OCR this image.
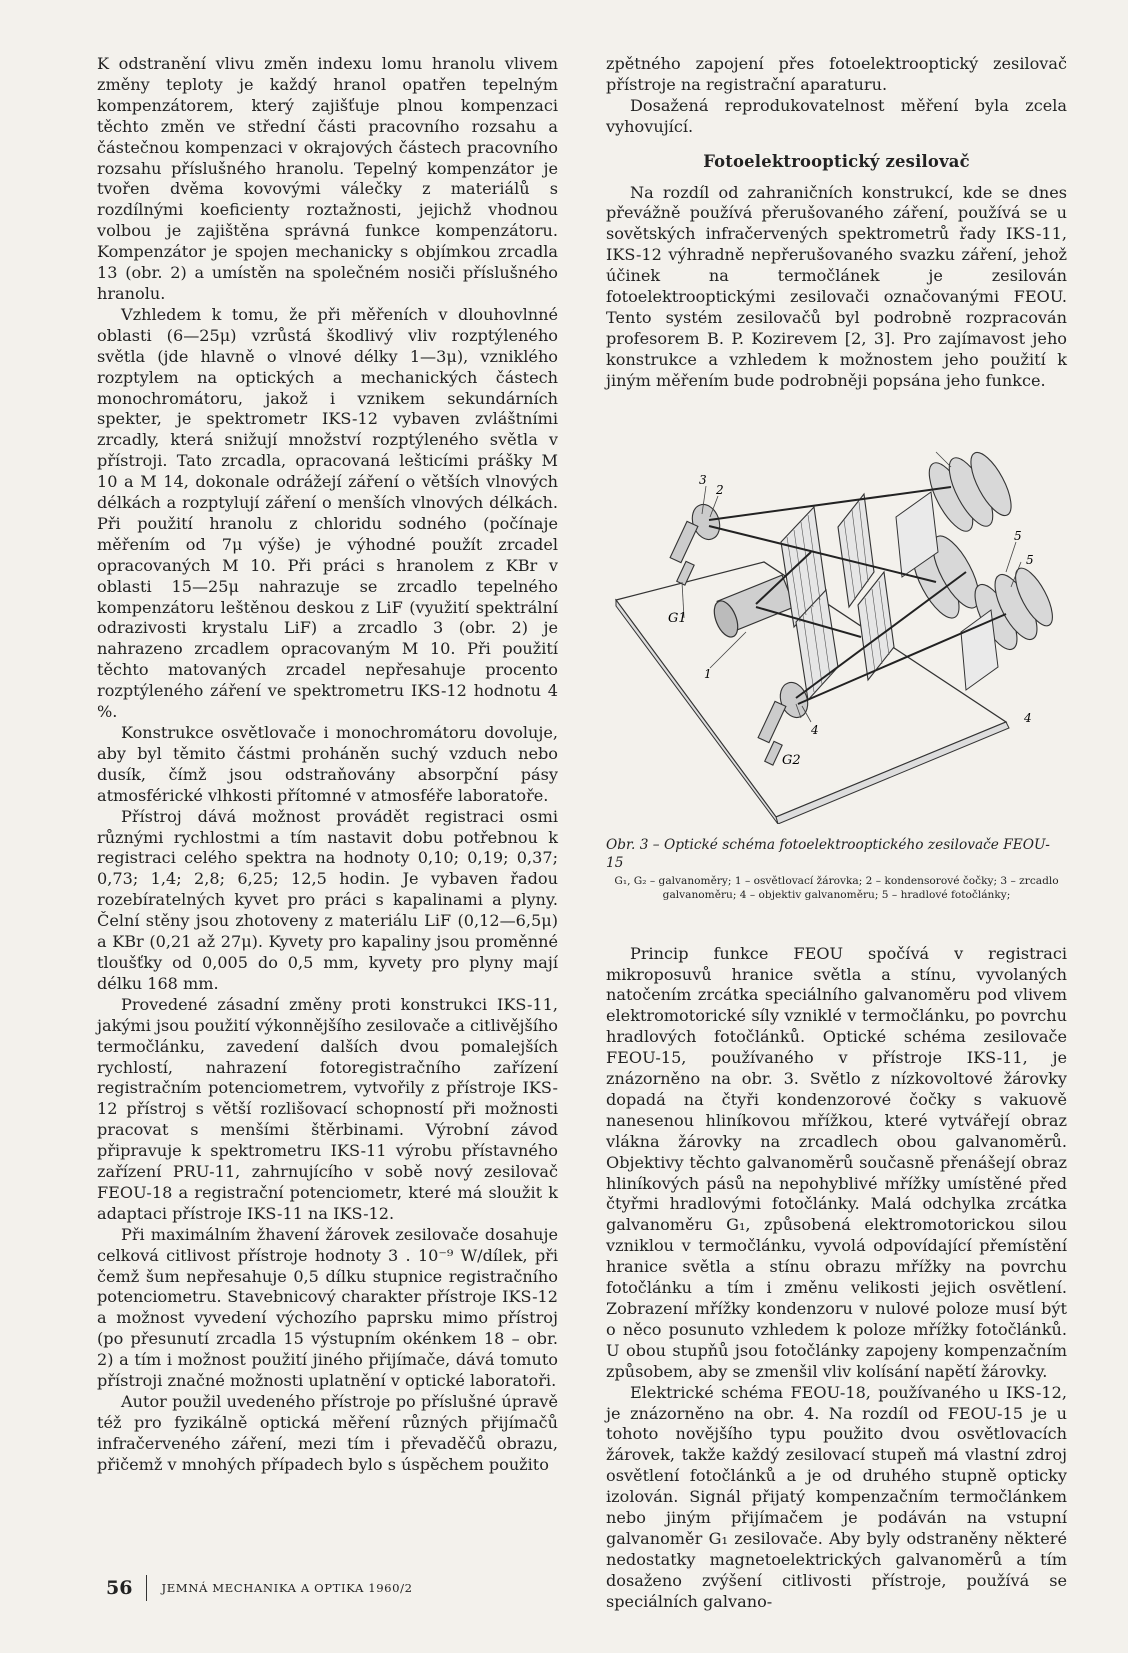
K odstranění vlivu změn indexu lomu hranolu vlivem změny teploty je každý hranol opatřen tepelným kompenzátorem, který zajišťuje plnou kompenzaci těchto změn ve střední části pracovního rozsahu a částečnou kompenzaci v okrajových částech pracovního rozsahu příslušného hranolu. Tepelný kompenzátor je tvořen dvěma kovovými válečky z materiálů s rozdílnými koeficienty roztažnosti, jejichž vhodnou volbou je zajištěna správná funkce kompenzátoru. Kompenzátor je spojen mechanicky s objímkou zrcadla 13 (obr. 2) a umístěn na společném nosiči příslušného hranolu.

Vzhledem k tomu, že při měřeních v dlouhovlnné oblasti (6—25μ) vzrůstá škodlivý vliv rozptýleného světla (jde hlavně o vlnové délky 1—3μ), vzniklého rozptylem na optických a mechanických částech monochromátoru, jakož i vznikem sekundárních spekter, je spektrometr IKS-12 vybaven zvláštními zrcadly, která snižují množství rozptýleného světla v přístroji. Tato zrcadla, opracovaná lešticími prášky M 10 a M 14, dokonale odrážejí záření o větších vlnových délkách a rozptylují záření o menších vlnových délkách. Při použití hranolu z chloridu sodného (počínaje měřením od 7μ výše) je výhodné použít zrcadel opracovaných M 10. Při práci s hranolem z KBr v oblasti 15—25μ nahrazuje se zrcadlo tepelného kompenzátoru leštěnou deskou z LiF (využití spektrální odrazivosti krystalu LiF) a zrcadlo 3 (obr. 2) je nahrazeno zrcadlem opracovaným M 10. Při použití těchto matovaných zrcadel nepřesahuje procento rozptýleného záření ve spektrometru IKS-12 hodnotu 4 %.

Konstrukce osvětlovače i monochromátoru dovoluje, aby byl těmito částmi proháněn suchý vzduch nebo dusík, čímž jsou odstraňovány absorpční pásy atmosférické vlhkosti přítomné v atmosféře laboratoře.

Přístroj dává možnost provádět registraci osmi různými rychlostmi a tím nastavit dobu potřebnou k registraci celého spektra na hodnoty 0,10; 0,19; 0,37; 0,73; 1,4; 2,8; 6,25; 12,5 hodin. Je vybaven řadou rozebíratelných kyvet pro práci s kapalinami a plyny. Čelní stěny jsou zhotoveny z materiálu LiF (0,12—6,5μ) a KBr (0,21 až 27μ). Kyvety pro kapaliny jsou proměnné tloušťky od 0,005 do 0,5 mm, kyvety pro plyny mají délku 168 mm.

Provedené zásadní změny proti konstrukci IKS-11, jakými jsou použití výkonnějšího zesilovače a citlivějšího termočlánku, zavedení dalších dvou pomalejších rychlostí, nahrazení fotoregistračního zařízení registračním potenciometrem, vytvořily z přístroje IKS-12 přístroj s větší rozlišovací schopností při možnosti pracovat s menšími štěrbinami. Výrobní závod připravuje k spektrometru IKS-11 výrobu přístavného zařízení PRU-11, zahrnujícího v sobě nový zesilovač FEOU-18 a registrační potenciometr, které má sloužit k adaptaci přístroje IKS-11 na IKS-12.

Při maximálním žhavení žárovek zesilovače dosahuje celková citlivost přístroje hodnoty 3 . 10⁻⁹ W/dílek, při čemž šum nepřesahuje 0,5 dílku stupnice registračního potenciometru. Stavebnicový charakter přístroje IKS-12 a možnost vyvedení výchozího paprsku mimo přístroj (po přesunutí zrcadla 15 výstupním okénkem 18 – obr. 2) a tím i možnost použití jiného přijímače, dává tomuto přístroji značné možnosti uplatnění v optické laboratoři.

Autor použil uvedeného přístroje po příslušné úpravě též pro fyzikálně optická měření různých přijímačů infračerveného záření, mezi tím i převaděčů obrazu, přičemž v mnohých případech bylo s úspěchem použito

zpětného zapojení přes fotoelektrooptický zesilovač přístroje na registrační aparaturu.

Dosažená reprodukovatelnost měření byla zcela vyhovující.

Fotoelektrooptický zesilovač

Na rozdíl od zahraničních konstrukcí, kde se dnes převážně používá přerušovaného záření, používá se u sovětských infračervených spektrometrů řady IKS-11, IKS-12 výhradně nepřerušovaného svazku záření, jehož účinek na termočlánek je zesilován fotoelektrooptickými zesilovači označovanými FEOU. Tento systém zesilovačů byl podrobně rozpracován profesorem B. P. Kozirevem [2, 3]. Pro zajímavost jeho konstrukce a vzhledem k možnostem jeho použití k jiným měřením bude podrobněji popsána jeho funkce.

3
2
G1
1
4
G2
5
4
5
Obr. 3 – Optické schéma fotoelektrooptického zesilovače FEOU-15
G₁, G₂ – galvanoměry; 1 – osvětlovací žárovka; 2 – kondensorové čočky; 3 – zrcadlo galvanoměru; 4 – objektiv galvanoměru; 5 – hradlové fotočlánky;

Princip funkce FEOU spočívá v registraci mikroposuvů hranice světla a stínu, vyvolaných natočením zrcátka speciálního galvanoměru pod vlivem elektromotorické síly vzniklé v termočlánku, po povrchu hradlových fotočlánků. Optické schéma zesilovače FEOU-15, používaného v přístroje IKS-11, je znázorněno na obr. 3. Světlo z nízkovoltové žárovky dopadá na čtyři kondenzorové čočky s vakuově nanesenou hliníkovou mřížkou, které vytvářejí obraz vlákna žárovky na zrcadlech obou galvanoměrů. Objektivy těchto galvanoměrů současně přenášejí obraz hliníkových pásů na nepohyblivé mřížky umístěné před čtyřmi hradlovými fotočlánky. Malá odchylka zrcátka galvanoměru G₁, způsobená elektromotorickou silou vzniklou v termočlánku, vyvolá odpovídající přemístění hranice světla a stínu obrazu mřížky na povrchu fotočlánku a tím i změnu velikosti jejich osvětlení. Zobrazení mřížky kondenzoru v nulové poloze musí být o něco posunuto vzhledem k poloze mřížky fotočlánků. U obou stupňů jsou fotočlánky zapojeny kompenzačním způsobem, aby se zmenšil vliv kolísání napětí žárovky.

Elektrické schéma FEOU-18, používaného u IKS-12, je znázorněno na obr. 4. Na rozdíl od FEOU-15 je u tohoto novějšího typu použito dvou osvětlovacích žárovek, takže každý zesilovací stupeň má vlastní zdroj osvětlení fotočlánků a je od druhého stupně opticky izolován. Signál přijatý kompenzačním termočlánkem nebo jiným přijímačem je podáván na vstupní galvanoměr G₁ zesilovače. Aby byly odstraněny některé nedostatky magnetoelektrických galvanoměrů a tím dosaženo zvýšení citlivosti přístroje, používá se speciálních galvano-

56	JEMNÁ MECHANIKA A OPTIKA 1960/2
